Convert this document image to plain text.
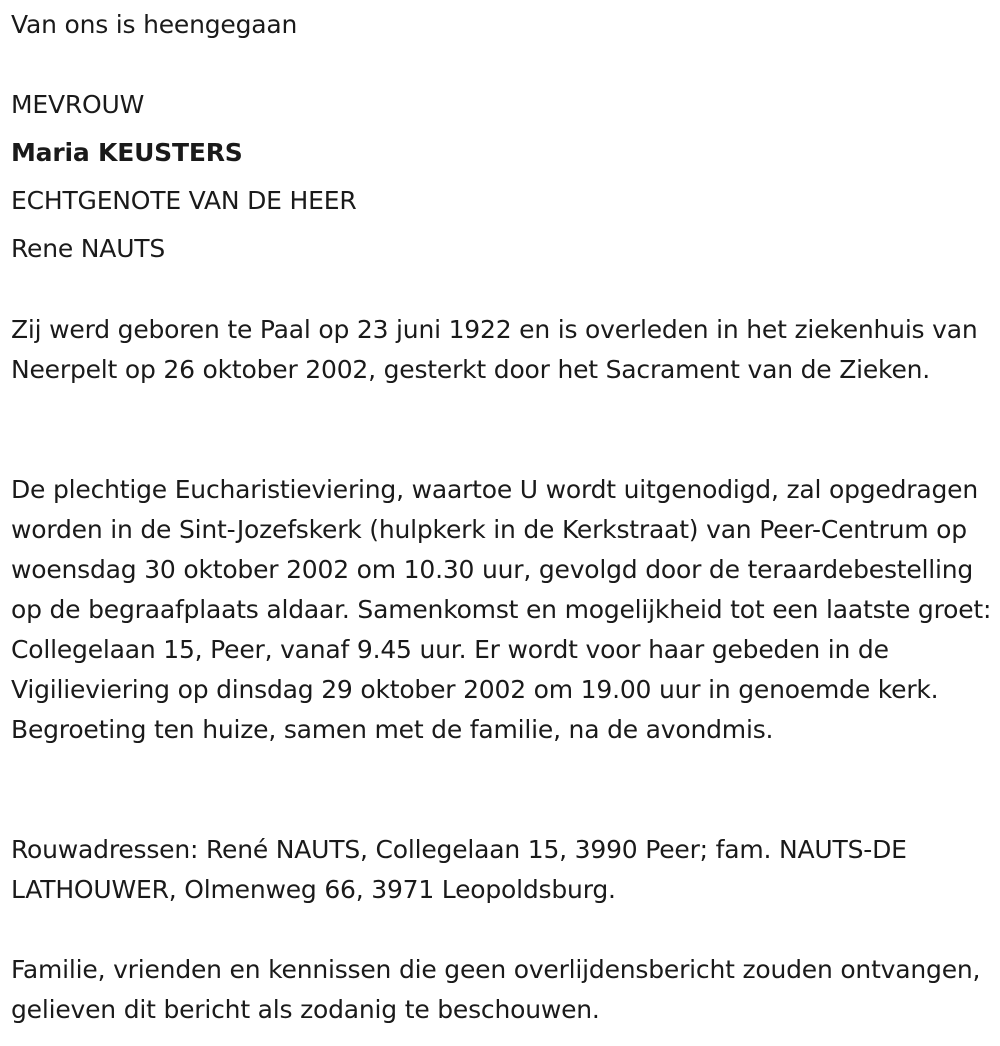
Van ons is heengegaan
MEVROUW
Maria KEUSTERS
ECHTGENOTE VAN DE HEER
Rene NAUTS

Zij werd geboren te Paal op 23 juni 1922 en is overleden in het ziekenhuis van Neerpelt op 26 oktober 2002, gesterkt door het Sacrament van de Zieken.

De plechtige Eucharistieviering, waartoe U wordt uitgenodigd, zal opgedragen worden in de Sint-Jozefskerk (hulpkerk in de Kerkstraat) van Peer-Centrum op woensdag 30 oktober 2002 om 10.30 uur, gevolgd door de teraardebestelling op de begraafplaats aldaar. Samenkomst en mogelijkheid tot een laatste groet: Collegelaan 15, Peer, vanaf 9.45 uur. Er wordt voor haar gebeden in de Vigilieviering op dinsdag 29 oktober 2002 om 19.00 uur in genoemde kerk. Begroeting ten huize, samen met de familie, na de avondmis.

Rouwadressen: René NAUTS, Collegelaan 15, 3990 Peer; fam. NAUTS-DE LATHOUWER, Olmenweg 66, 3971 Leopoldsburg.

Familie, vrienden en kennissen die geen overlijdensbericht zouden ontvangen, gelieven dit bericht als zodanig te beschouwen.
